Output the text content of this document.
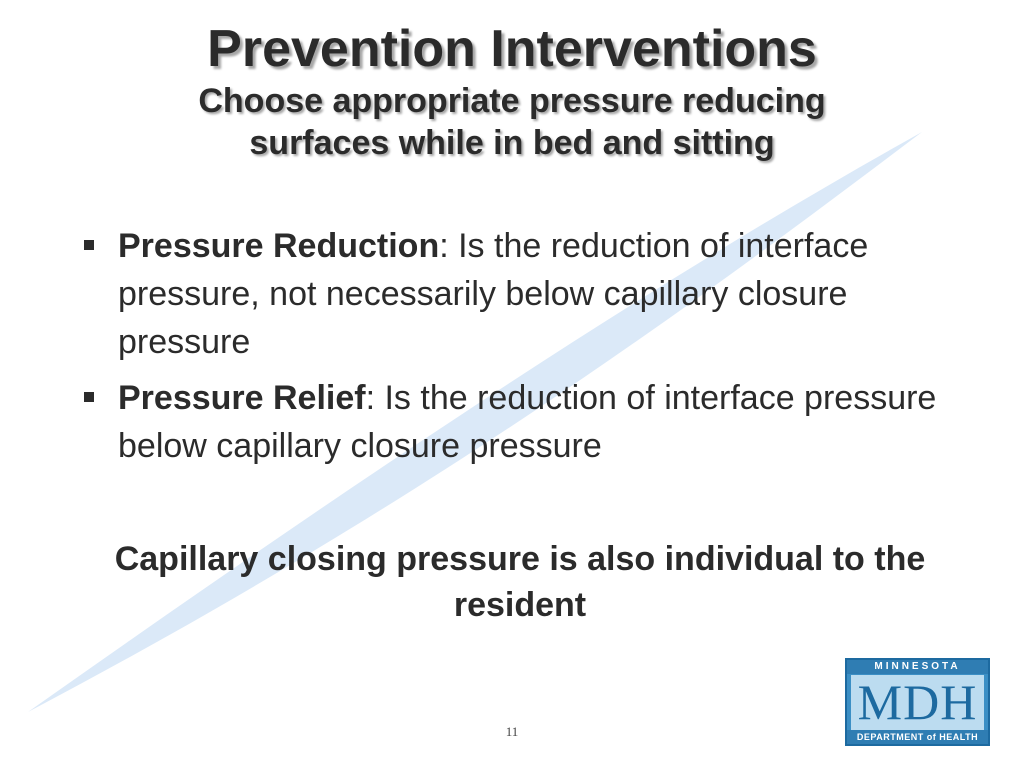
Prevention Interventions
Choose appropriate pressure reducing surfaces while in bed and sitting
Pressure Reduction: Is the reduction of interface pressure, not necessarily below capillary closure pressure
Pressure Relief: Is the reduction of interface pressure below capillary closure pressure
Capillary closing pressure is also individual to the resident
11
MINNESOTA
MDH
DEPARTMENT of HEALTH
